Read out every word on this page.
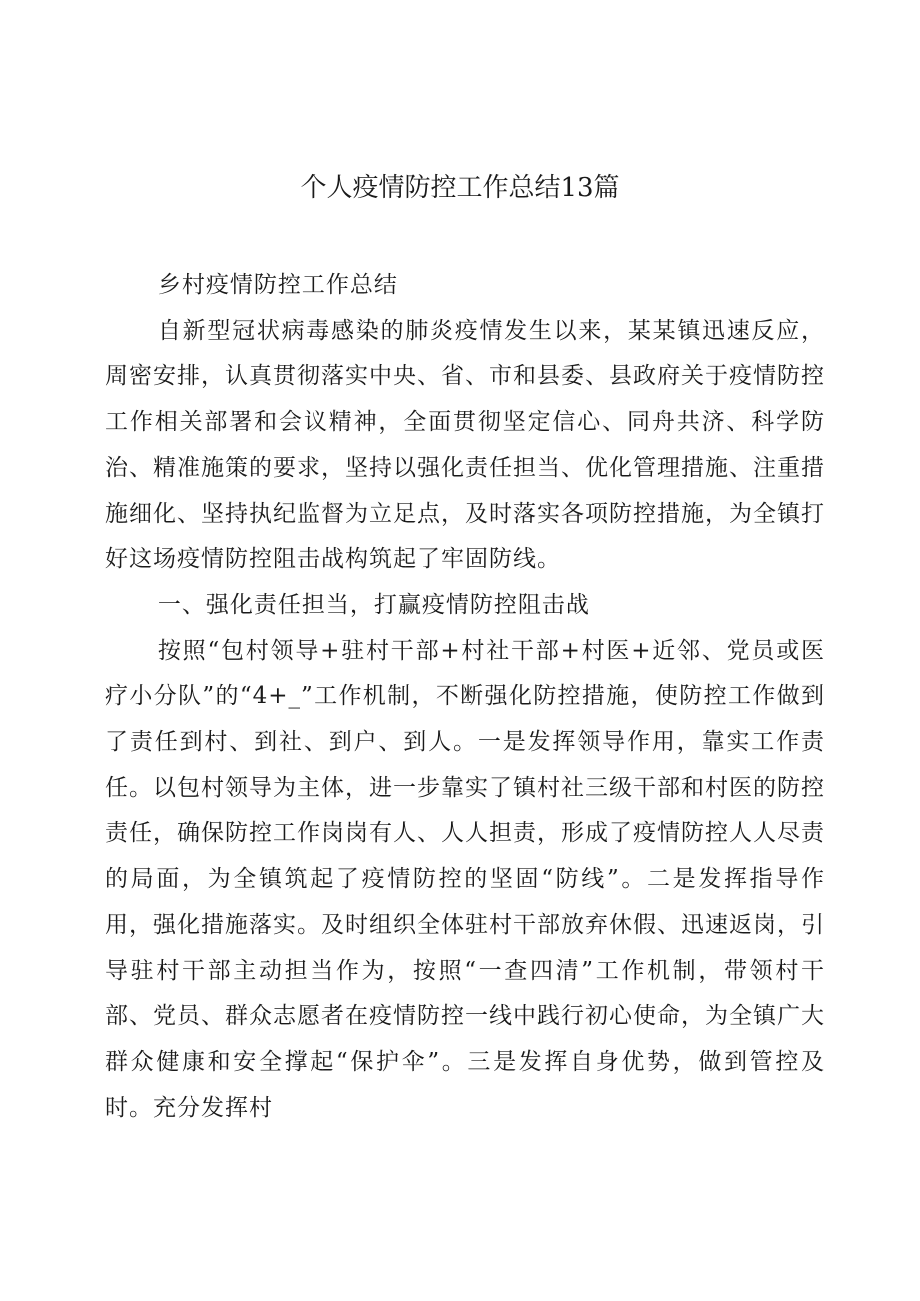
个人疫情防控工作总结13篇

乡村疫情防控工作总结

自新型冠状病毒感染的肺炎疫情发生以来，某某镇迅速反应，周密安排，认真贯彻落实中央、省、市和县委、县政府关于疫情防控工作相关部署和会议精神，全面贯彻坚定信心、同舟共济、科学防治、精准施策的要求，坚持以强化责任担当、优化管理措施、注重措施细化、坚持执纪监督为立足点，及时落实各项防控措施，为全镇打好这场疫情防控阻击战构筑起了牢固防线。

一、强化责任担当，打赢疫情防控阻击战

按照“包村领导+驻村干部+村社干部+村医+近邻、党员或医疗小分队”的“4+_”工作机制，不断强化防控措施，使防控工作做到了责任到村、到社、到户、到人。一是发挥领导作用，靠实工作责任。以包村领导为主体，进一步靠实了镇村社三级干部和村医的防控责任，确保防控工作岗岗有人、人人担责，形成了疫情防控人人尽责的局面，为全镇筑起了疫情防控的坚固“防线”。二是发挥指导作用，强化措施落实。及时组织全体驻村干部放弃休假、迅速返岗，引导驻村干部主动担当作为，按照“一查四清”工作机制，带领村干部、党员、群众志愿者在疫情防控一线中践行初心使命，为全镇广大群众健康和安全撑起“保护伞”。三是发挥自身优势，做到管控及时。充分发挥村
